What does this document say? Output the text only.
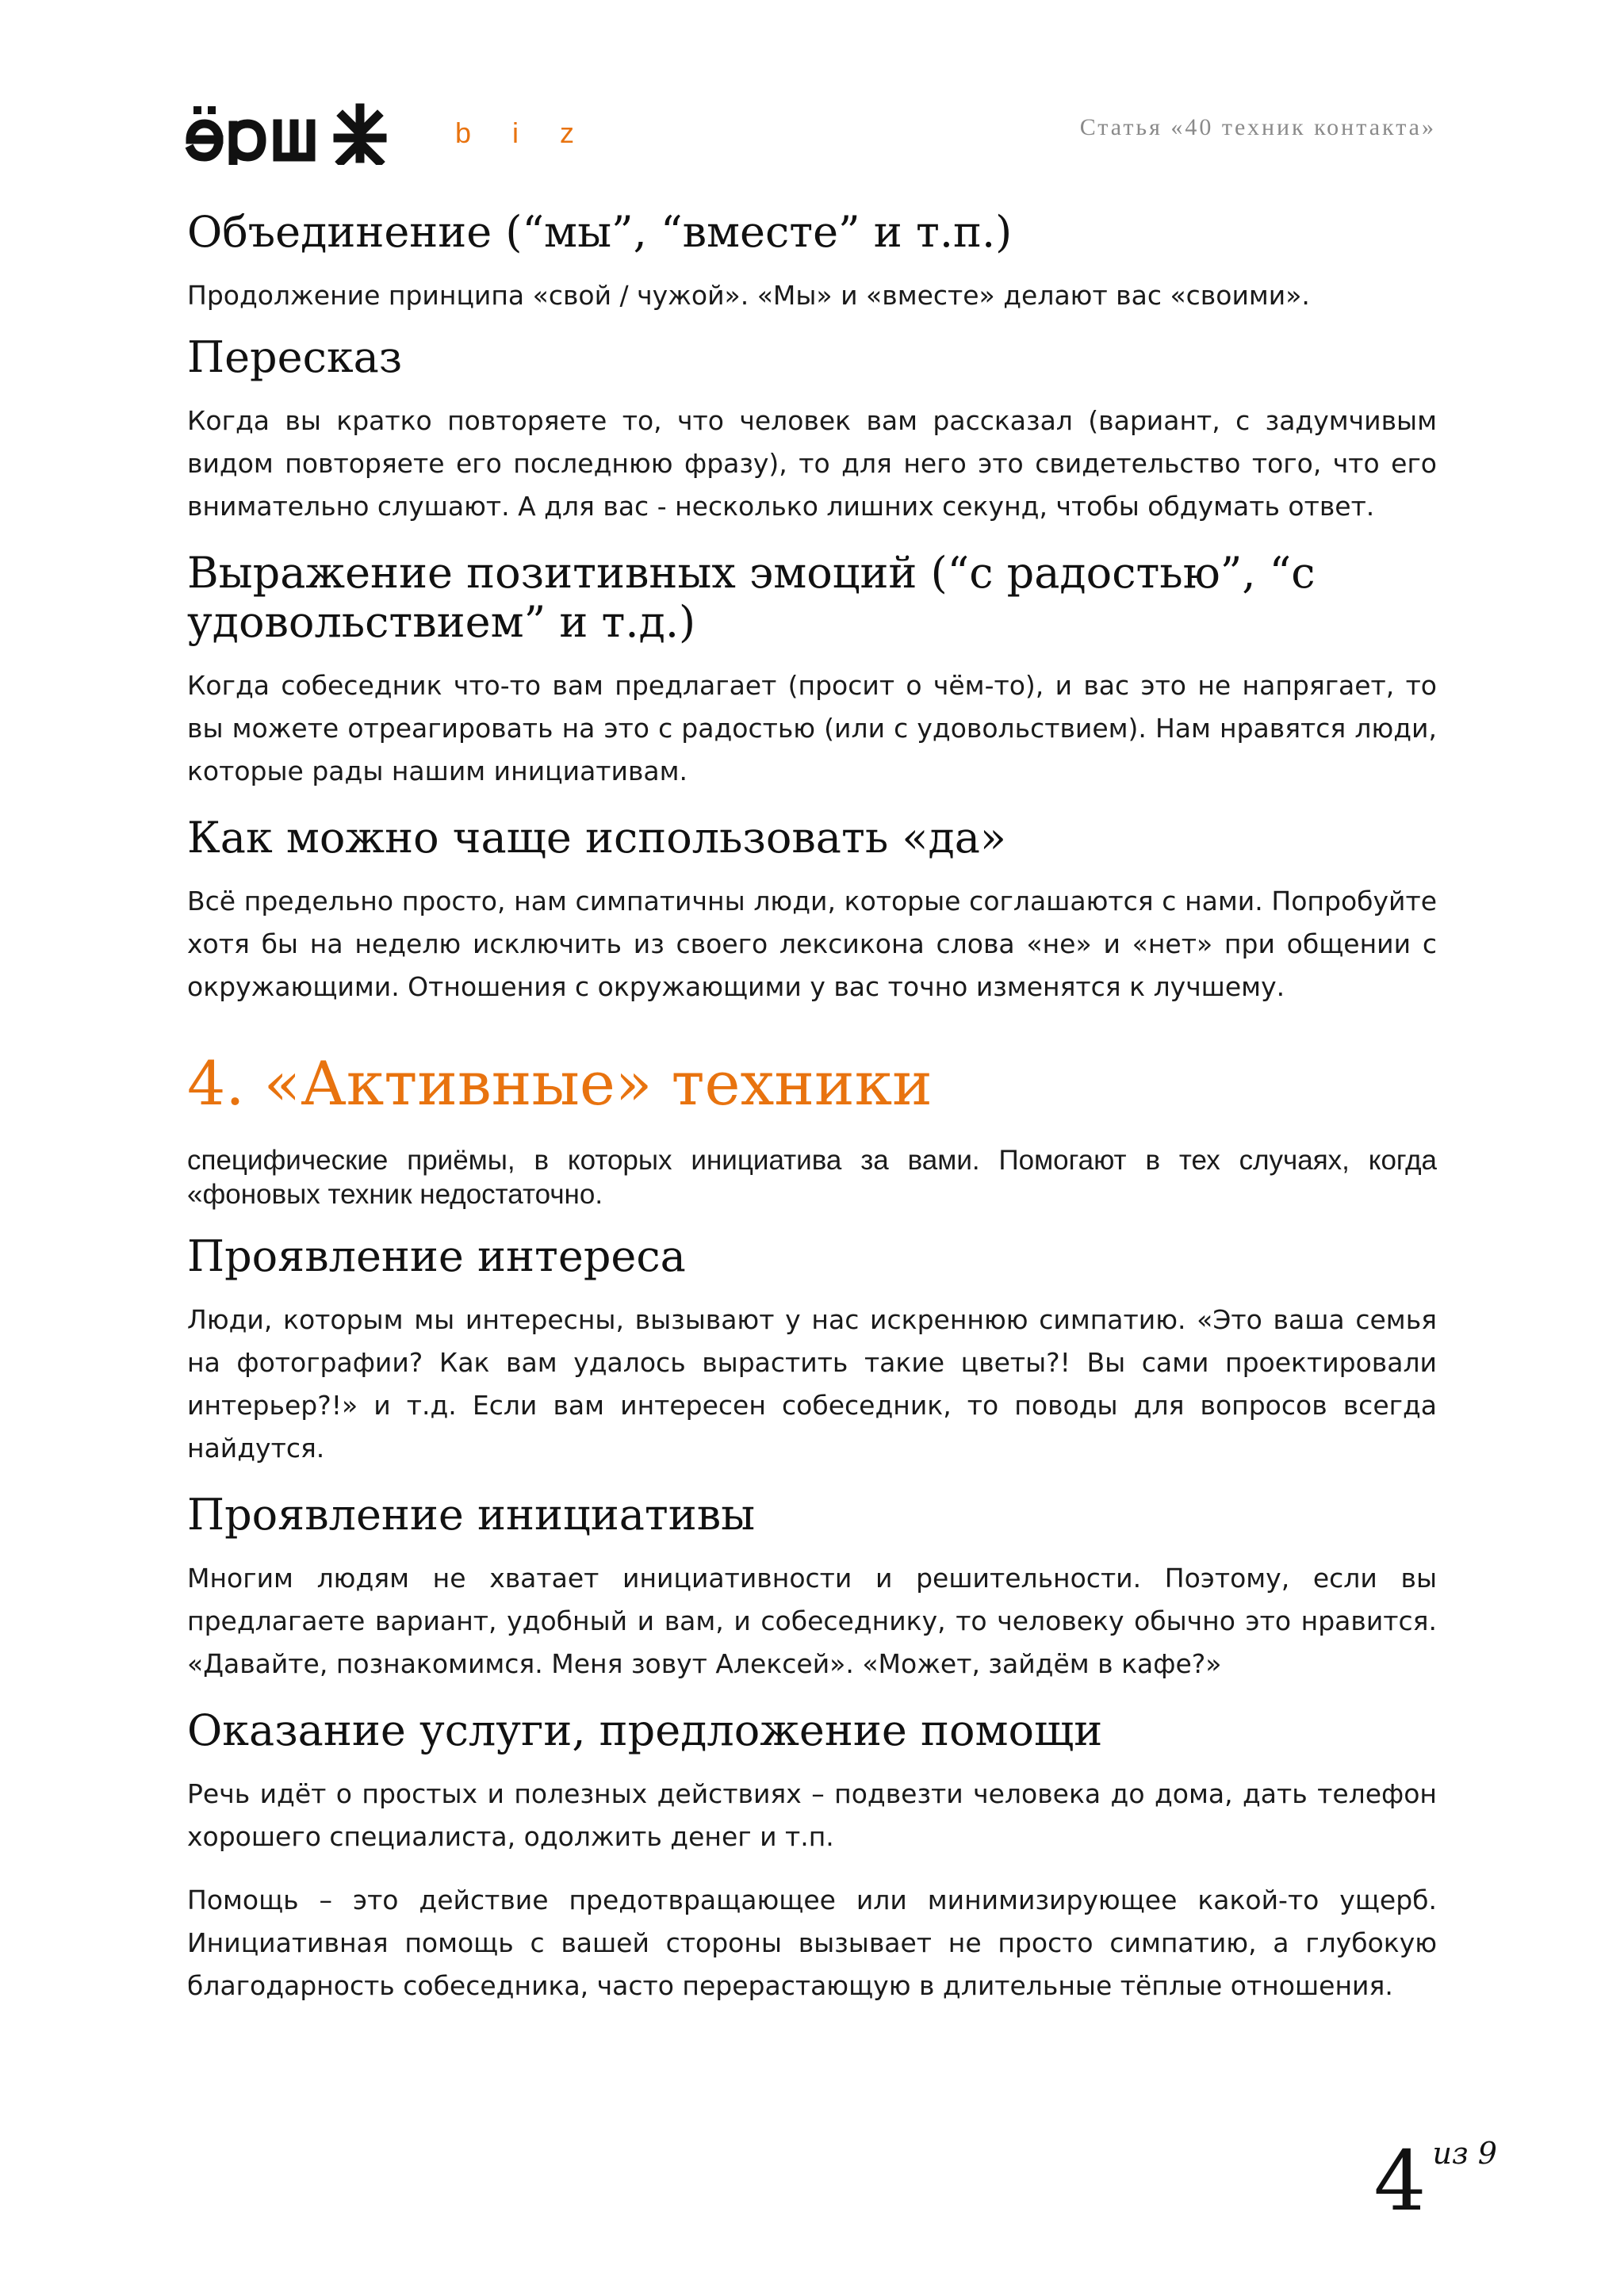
b i z	Статья «40 техник контакта»
Объединение (“мы”, “вместе” и т.п.)

Продолжение принципа «свой / чужой». «Мы» и «вместе» делают вас «своими».

Пересказ

Когда вы кратко повторяете то, что человек вам рассказал (вариант, с задумчивым видом повторяете его последнюю фразу), то для него это свидетельство того, что его внимательно слушают. А для вас - несколько лишних секунд, чтобы обдумать ответ.

Выражение позитивных эмоций (“с радостью”, “с удовольствием” и т.д.)

Когда собеседник что-то вам предлагает (просит о чём-то), и вас это не напрягает, то вы можете отреагировать на это с радостью (или с удовольствием). Нам нравятся люди, которые рады нашим инициативам.

Как можно чаще использовать «да»

Всё предельно просто, нам симпатичны люди, которые соглашаются с нами. Попробуйте хотя бы на неделю исключить из своего лексикона слова «не» и «нет» при общении с окружающими. Отношения с окружающими у вас точно изменятся к лучшему.

4. «Активные» техники

специфические приёмы, в которых инициатива за вами. Помогают в тех случаях, когда «фоновых техник недостаточно.

Проявление интереса

Люди, которым мы интересны, вызывают у нас искреннюю симпатию. «Это ваша семья на фотографии? Как вам удалось вырастить такие цветы?! Вы сами проектировали интерьер?!» и т.д. Если вам интересен собеседник, то поводы для вопросов всегда найдутся.

Проявление инициативы

Многим людям не хватает инициативности и решительности. Поэтому, если вы предлагаете вариант, удобный и вам, и собеседнику, то человеку обычно это нравится. «Давайте, познакомимся. Меня зовут Алексей». «Может, зайдём в кафе?»

Оказание услуги, предложение помощи

Речь идёт о простых и полезных действиях – подвезти человека до дома, дать телефон хорошего специалиста, одолжить денег и т.п.

Помощь – это действие предотвращающее или минимизирующее какой-то ущерб. Инициативная помощь с вашей стороны вызывает не просто симпатию, а глубокую благодарность собеседника, часто перерастающую в длительные тёплые отношения.

4 из 9
